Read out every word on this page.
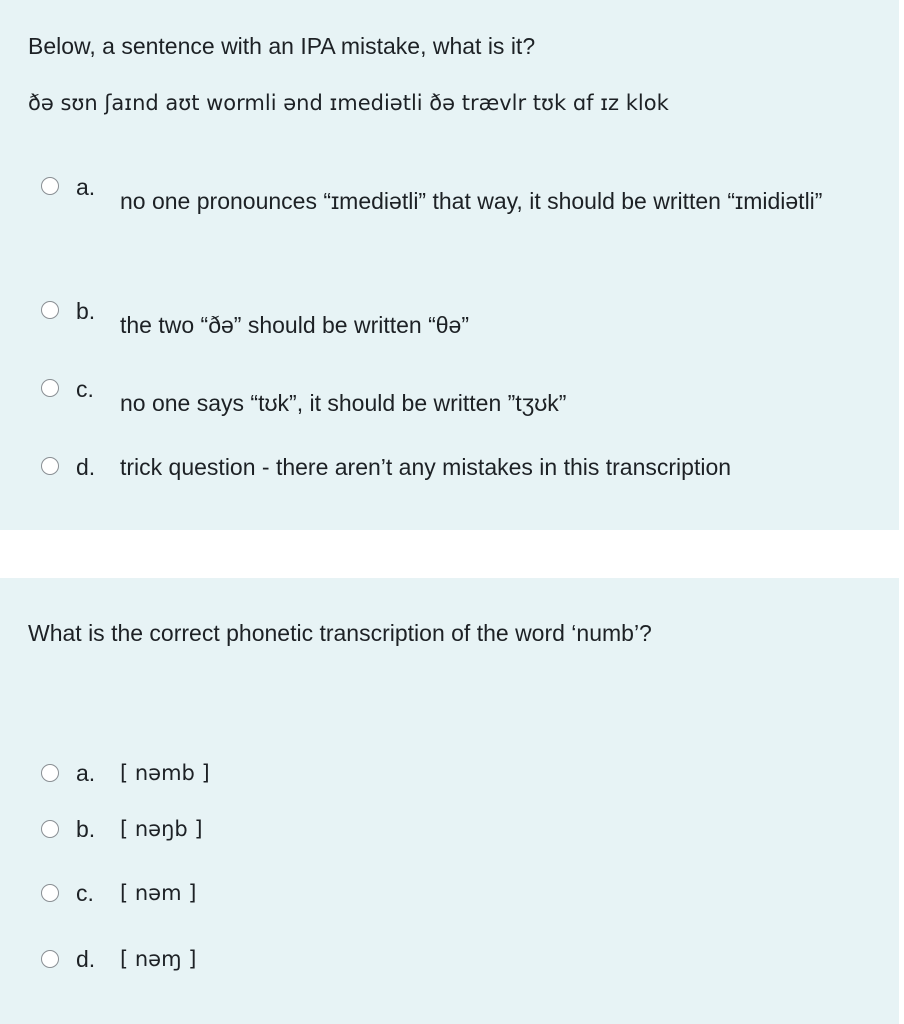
Below, a sentence with an IPA mistake, what is it?
ðə sʊn ʃaɪnd aʊt wormli ənd ɪmediətli ðə trævlr tʊk ɑf ɪz klok
a.
no one pronounces “ɪmediətli” that way, it should be written “ɪmidiətli”
b.
the two “ðə” should be written “θə”
c.
no one says “tʊk”, it should be written ”tʒʊk”
d. trick question - there aren’t any mistakes in this transcription
What is the correct phonetic transcription of the word ‘numb’?
a. [ nəmb ]
b. [ nəŋb ]
c. [ nəm ]
d. [ nəɱ ]
